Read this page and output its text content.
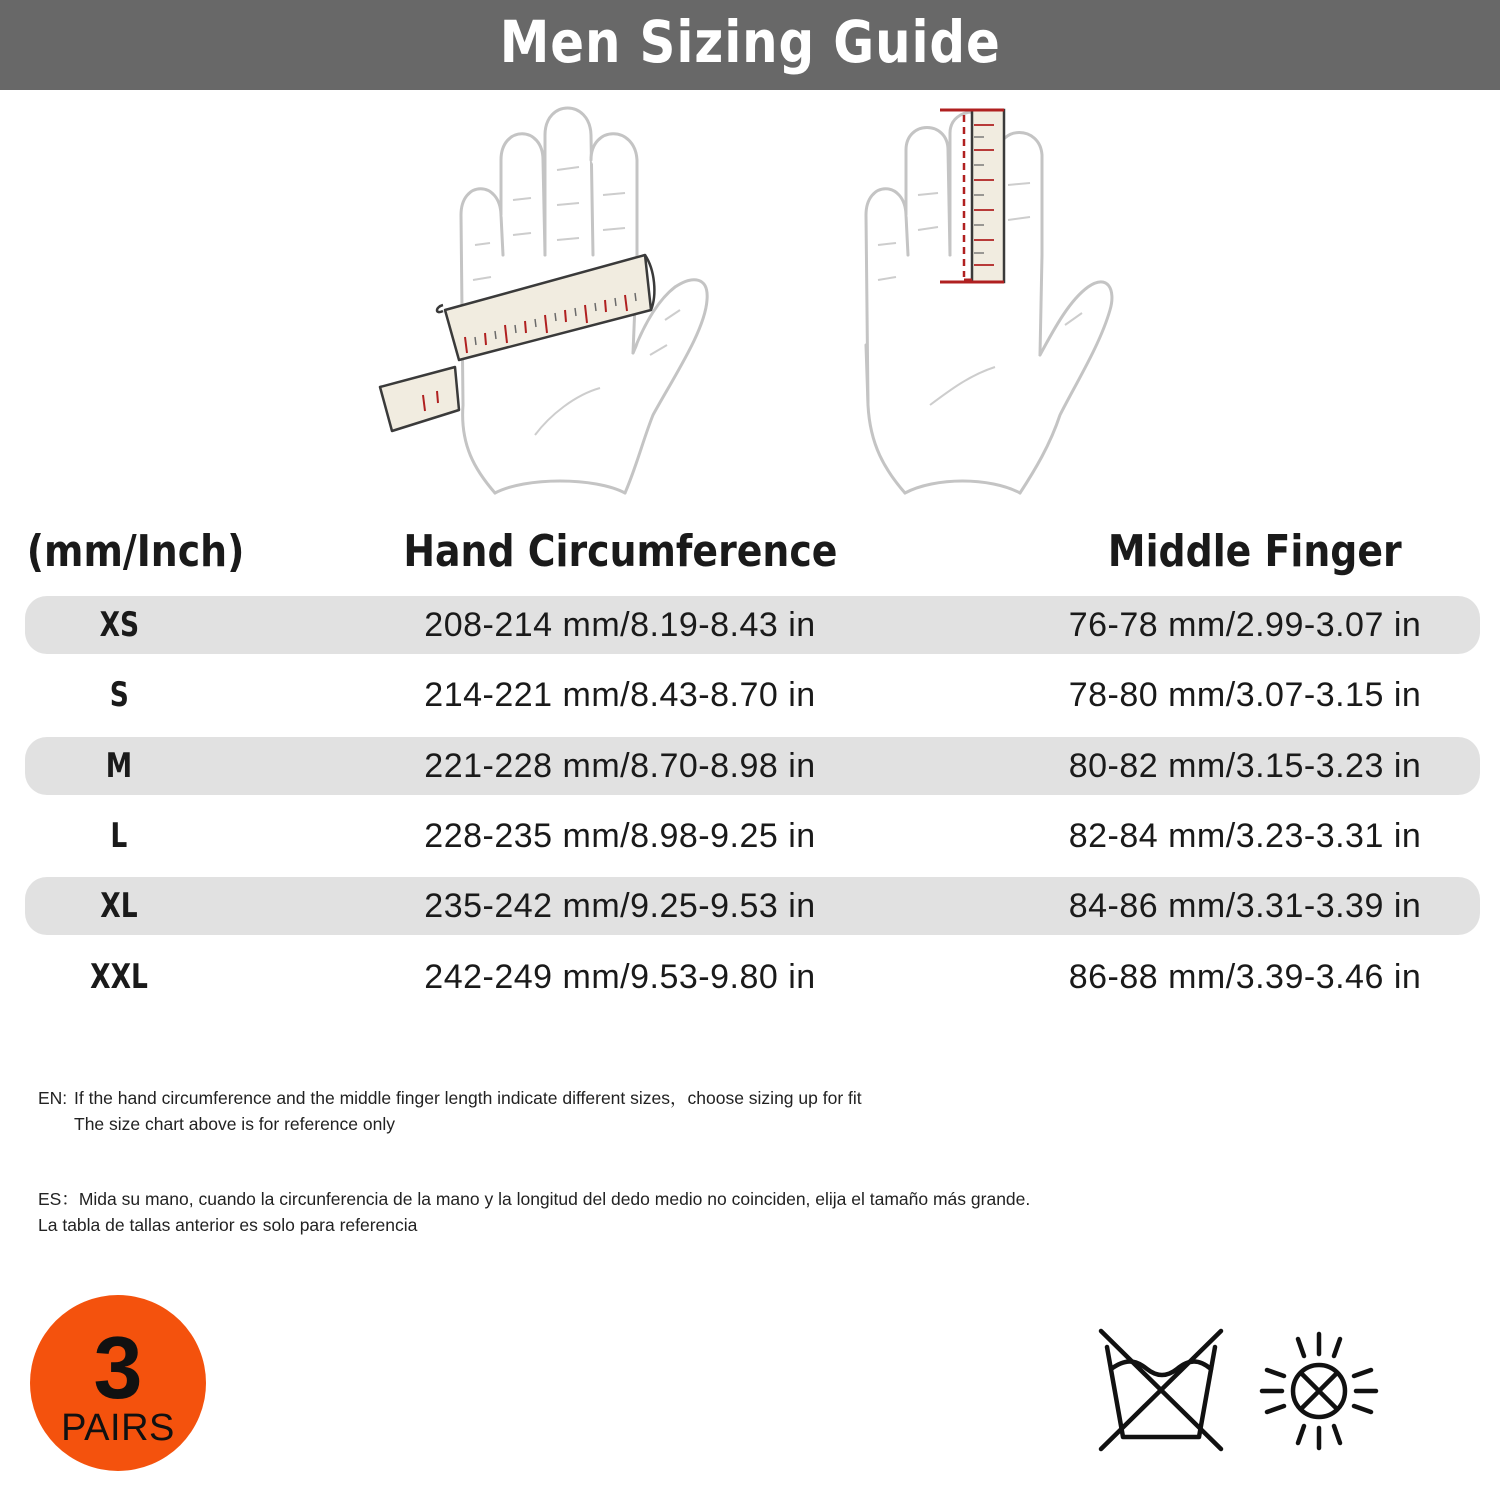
Men Sizing Guide
(mm/Inch)	Hand Circumference	Middle Finger
XS	208-214 mm/8.19-8.43 in	76-78 mm/2.99-3.07 in
S	214-221 mm/8.43-8.70 in	78-80 mm/3.07-3.15 in
M	221-228 mm/8.70-8.98 in	80-82 mm/3.15-3.23 in
L	228-235 mm/8.98-9.25 in	82-84 mm/3.23-3.31 in
XL	235-242 mm/9.25-9.53 in	84-86 mm/3.31-3.39 in
XXL	242-249 mm/9.53-9.80 in	86-88 mm/3.39-3.46 in
EN: If the hand circumference and the middle finger length indicate different sizes，choose sizing up for fit
The size chart above is for reference only
ES：Mida su mano, cuando la circunferencia de la mano y la longitud del dedo medio no coinciden, elija el tamaño más grande.
La tabla de tallas anterior es solo para referencia
3
PAIRS
